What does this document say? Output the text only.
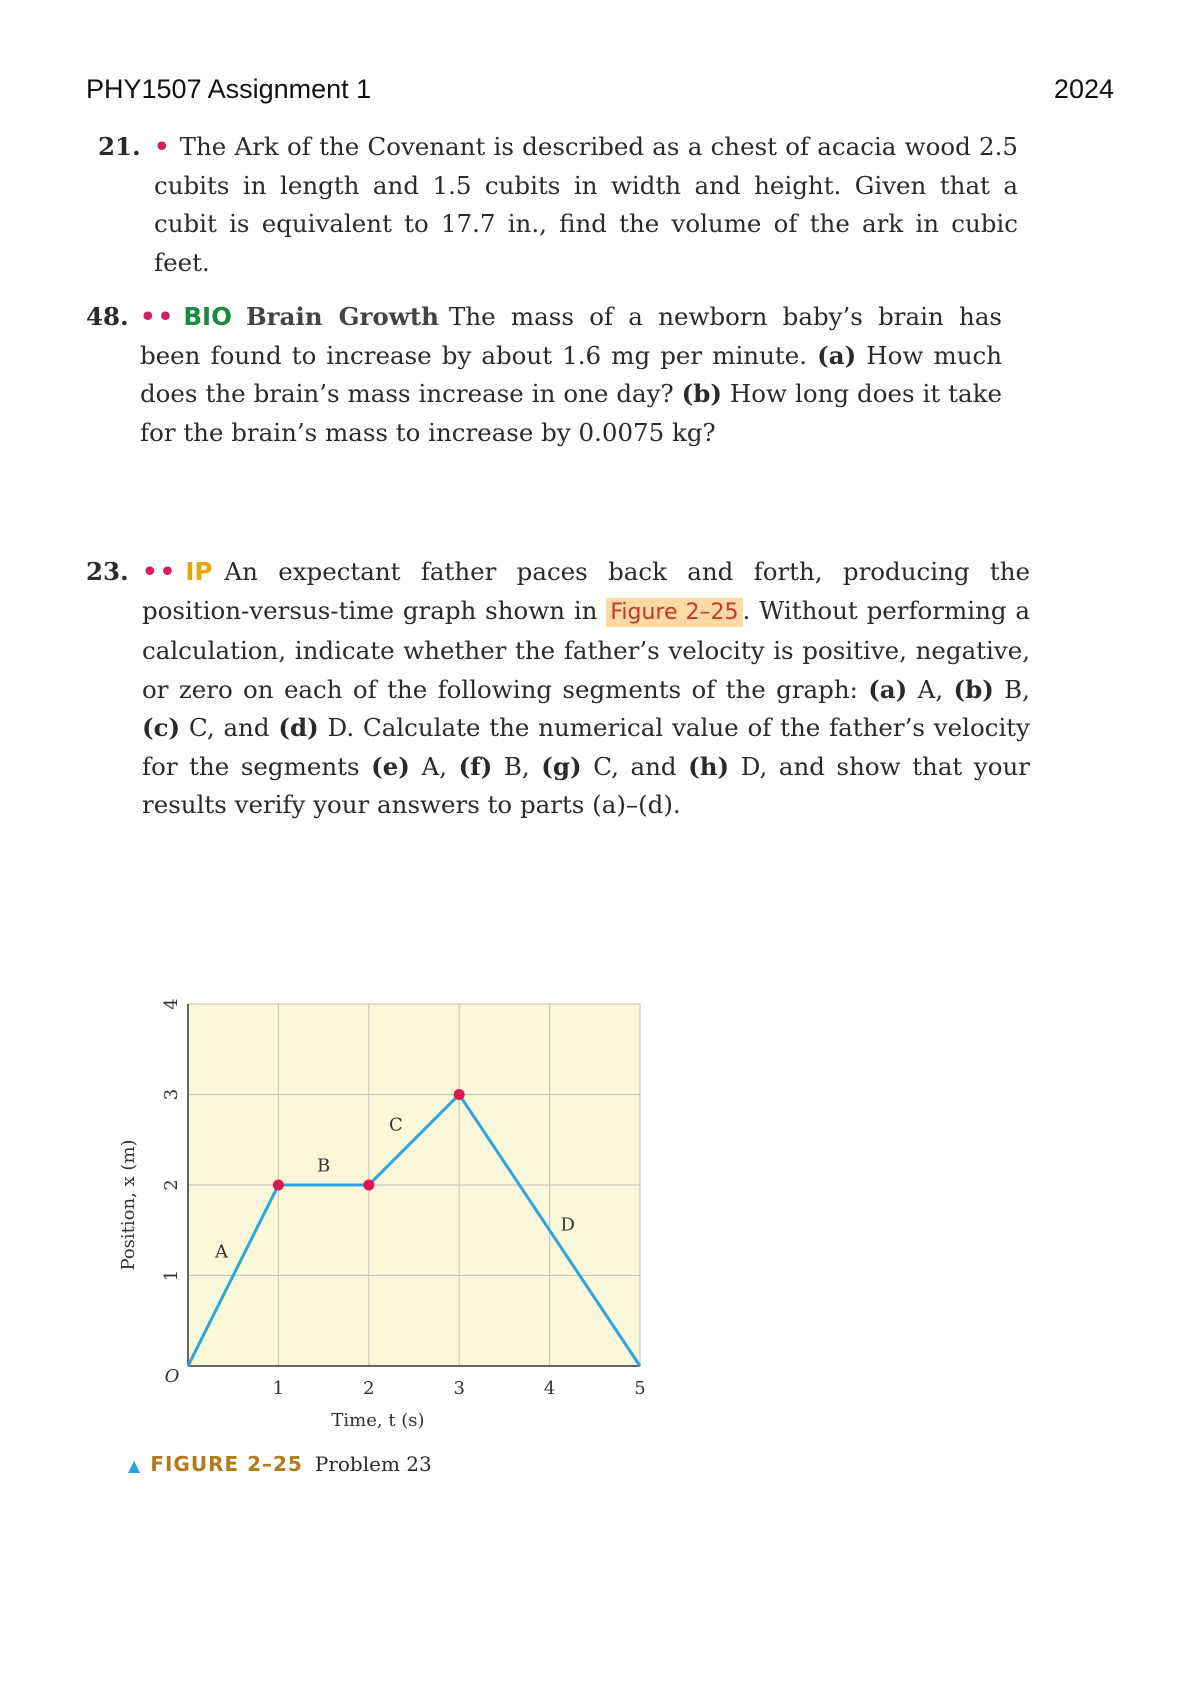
PHY1507 Assignment 1	2024
21. • The Ark of the Covenant is described as a chest of acacia wood 2.5 cubits in length and 1.5 cubits in width and height. Given that a cubit is equivalent to 17.7 in., find the volume of the ark in cubic feet.
48. •• BIO Brain Growth The mass of a newborn baby’s brain has been found to increase by about 1.6 mg per minute. (a) How much does the brain’s mass increase in one day? (b) How long does it take for the brain’s mass to increase by 0.0075 kg?
23. •• IP An expectant father paces back and forth, producing the position-versus-time graph shown in Figure 2–25 . Without performing a calculation, indicate whether the father’s velocity is positive, negative, or zero on each of the following segments of the graph: (a) A, (b) B, (c) C, and (d) D. Calculate the numerical value of the father’s velocity for the segments (e) A, (f) B, (g) C, and (h) D, and show that your results verify your answers to parts (a)–(d).
O
1	2	3	4	5
1
2
3
4
Time, t (s)
Position, x (m)	A
B
C
D
▲ FIGURE 2–25 Problem 23
